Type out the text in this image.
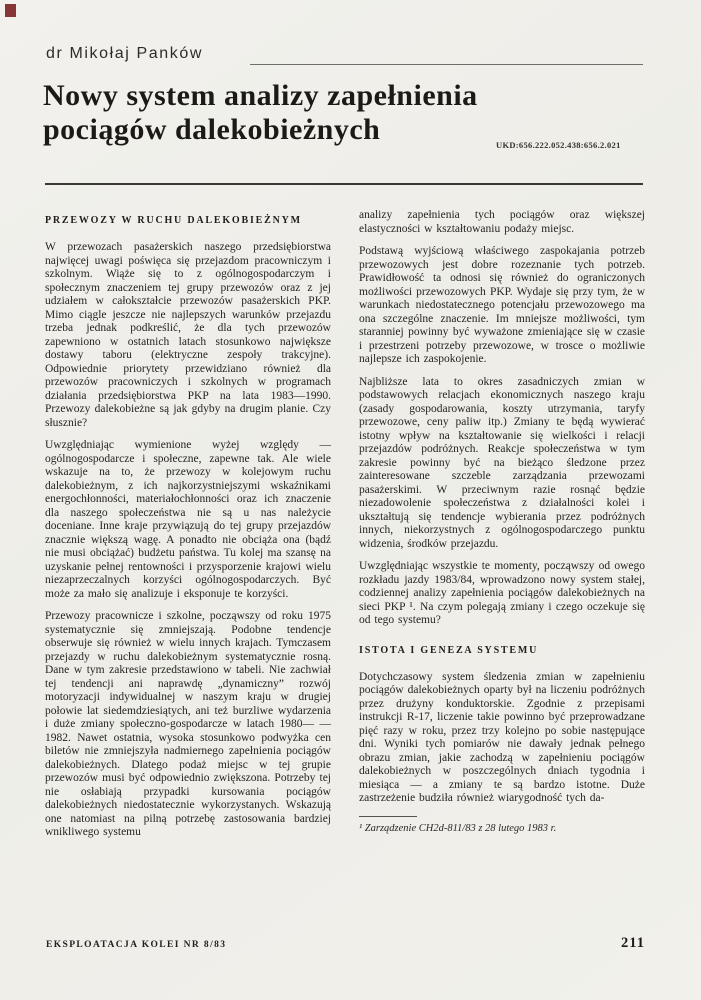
dr Mikołaj Panków
Nowy system analizy zapełnienia
pociągów dalekobieżnych	UKD:656.222.052.438:656.2.021
PRZEWOZY W RUCHU DALEKOBIEŻNYM

W przewozach pasażerskich naszego przedsiębiorstwa najwięcej uwagi poświęca się przejazdom pracowniczym i szkolnym. Wiąże się to z ogólnogospodarczym i społecznym znaczeniem tej grupy przewozów oraz z jej udziałem w całokształcie przewozów pasażerskich PKP. Mimo ciągle jeszcze nie najlepszych warunków przejazdu trzeba jednak podkreślić, że dla tych przewozów zapewniono w ostatnich latach stosunkowo największe dostawy taboru (elektryczne zespoły trakcyjne). Odpowiednie priorytety przewidziano również dla przewozów pracowniczych i szkolnych w programach działania przedsiębiorstwa PKP na lata 1983—1990. Przewozy dalekobieżne są jak gdyby na drugim planie. Czy słusznie?

Uwzględniając wymienione wyżej względy — ogólnogospodarcze i społeczne, zapewne tak. Ale wiele wskazuje na to, że przewozy w kolejowym ruchu dalekobieżnym, z ich najkorzystniejszymi wskaźnikami energochłonności, materiałochłonności oraz ich znaczenie dla naszego społeczeństwa nie są u nas należycie doceniane. Inne kraje przywiązują do tej grupy przejazdów znacznie większą wagę. A ponadto nie obciąża ona (bądź nie musi obciążać) budżetu państwa. Tu kolej ma szansę na uzyskanie pełnej rentowności i przysporzenie krajowi wielu niezaprzeczalnych korzyści ogólnogospodarczych. Być może za mało się analizuje i eksponuje te korzyści.

Przewozy pracownicze i szkolne, począwszy od roku 1975 systematycznie się zmniejszają. Podobne tendencje obserwuje się również w wielu innych krajach. Tymczasem przejazdy w ruchu dalekobieżnym systematycznie rosną. Dane w tym zakresie przedstawiono w tabeli. Nie zachwiał tej tendencji ani naprawdę „dynamiczny” rozwój motoryzacji indywidualnej w naszym kraju w drugiej połowie lat siedemdziesiątych, ani też burzliwe wydarzenia i duże zmiany społeczno-gospodarcze w latach 1980— —1982. Nawet ostatnia, wysoka stosunkowo podwyżka cen biletów nie zmniejszyła nadmiernego zapełnienia pociągów dalekobieżnych. Dlatego podaż miejsc w tej grupie przewozów musi być odpowiednio zwiększona. Potrzeby tej nie osłabiają przypadki kursowania pociągów dalekobieżnych niedostatecznie wykorzystanych. Wskazują one natomiast na pilną potrzebę zastosowania bardziej wnikliwego systemu

analizy zapełnienia tych pociągów oraz większej elastyczności w kształtowaniu podaży miejsc.

Podstawą wyjściową właściwego zaspokajania potrzeb przewozowych jest dobre rozeznanie tych potrzeb. Prawidłowość ta odnosi się również do ograniczonych możliwości przewozowych PKP. Wydaje się przy tym, że w warunkach niedostatecznego potencjału przewozowego ma ona szczególne znaczenie. Im mniejsze możliwości, tym staranniej powinny być wyważone zmieniające się w czasie i przestrzeni potrzeby przewozowe, w trosce o możliwie najlepsze ich zaspokojenie.

Najbliższe lata to okres zasadniczych zmian w podstawowych relacjach ekonomicznych naszego kraju (zasady gospodarowania, koszty utrzymania, taryfy przewozowe, ceny paliw itp.) Zmiany te będą wywierać istotny wpływ na kształtowanie się wielkości i relacji przejazdów podróżnych. Reakcje społeczeństwa w tym zakresie powinny być na bieżąco śledzone przez zainteresowane szczeble zarządzania przewozami pasażerskimi. W przeciwnym razie rosnąć będzie niezadowolenie społeczeństwa z działalności kolei i ukształtują się tendencje wybierania przez podróżnych innych, niekorzystnych z ogólnogospodarczego punktu widzenia, środków przejazdu.

Uwzględniając wszystkie te momenty, począwszy od owego rozkładu jazdy 1983/84, wprowadzono nowy system stałej, codziennej analizy zapełnienia pociągów dalekobieżnych na sieci PKP ¹. Na czym polegają zmiany i czego oczekuje się od tego systemu?

ISTOTA I GENEZA SYSTEMU

Dotychczasowy system śledzenia zmian w zapełnieniu pociągów dalekobieżnych oparty był na liczeniu podróżnych przez drużyny konduktorskie. Zgodnie z przepisami instrukcji R-17, liczenie takie powinno być przeprowadzane pięć razy w roku, przez trzy kolejno po sobie następujące dni. Wyniki tych pomiarów nie dawały jednak pełnego obrazu zmian, jakie zachodzą w zapełnieniu pociągów dalekobieżnych w poszczególnych dniach tygodnia i miesiąca — a zmiany te są bardzo istotne. Duże zastrzeżenie budziła również wiarygodność tych da-

¹ Zarządzenie CH2d-811/83 z 28 lutego 1983 r.
EKSPLOATACJA KOLEI NR 8/83	211
